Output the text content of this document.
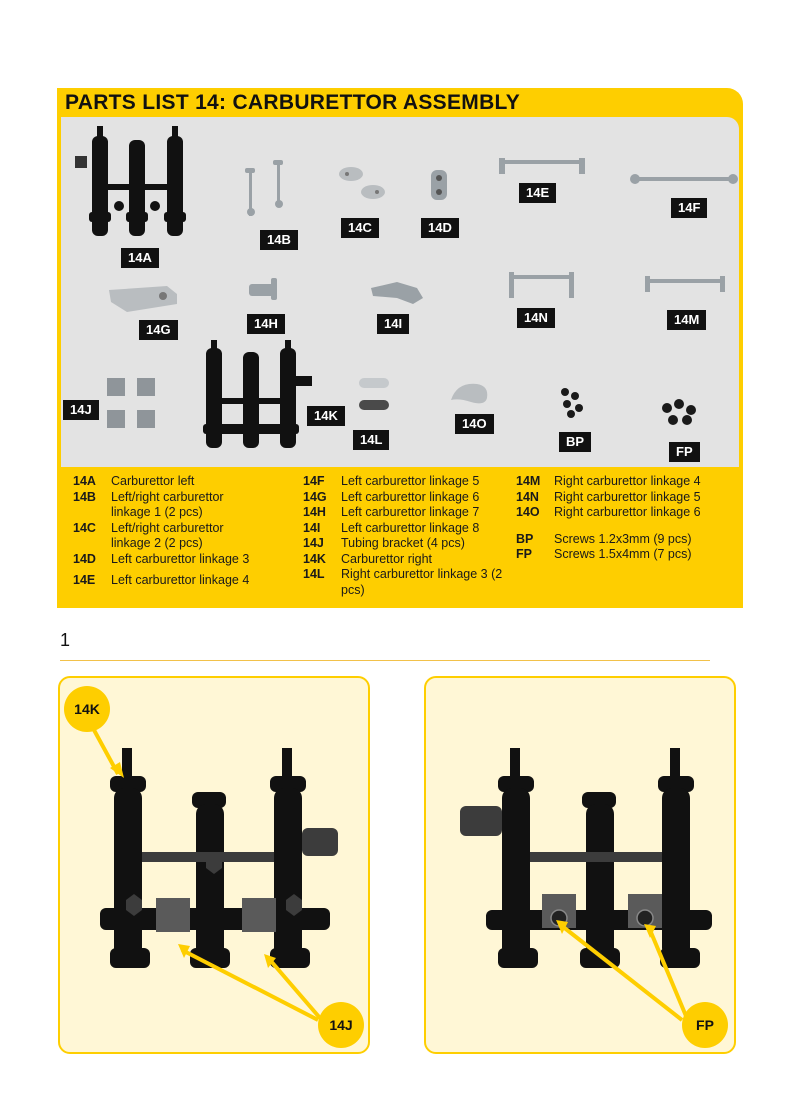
PARTS LIST 14: CARBURETTOR ASSEMBLY
14A
14B
14C	14D
14E
14F
14G	14H	14I	14N	14M
14J	14K
14L
14O
BP
FP
14A	Carburettor left
14B	Left/right carburettor linkage 1 (2 pcs)
14C	Left/right carburettor linkage 2 (2 pcs)
14D	Left carburettor linkage 3
14E	Left carburettor linkage 4
14F	Left carburettor linkage 5
14G	Left carburettor linkage 6
14H	Left carburettor linkage 7
14I	Left carburettor linkage 8
14J	Tubing bracket (4 pcs)
14K	Carburettor right
14L	Right carburettor linkage 3 (2 pcs)
14M	Right carburettor linkage 4
14N	Right carburettor linkage 5
14O	Right carburettor linkage 6
BP	Screws 1.2x3mm (9 pcs)
FP	Screws 1.5x4mm (7 pcs)
1
14K
14J	FP
